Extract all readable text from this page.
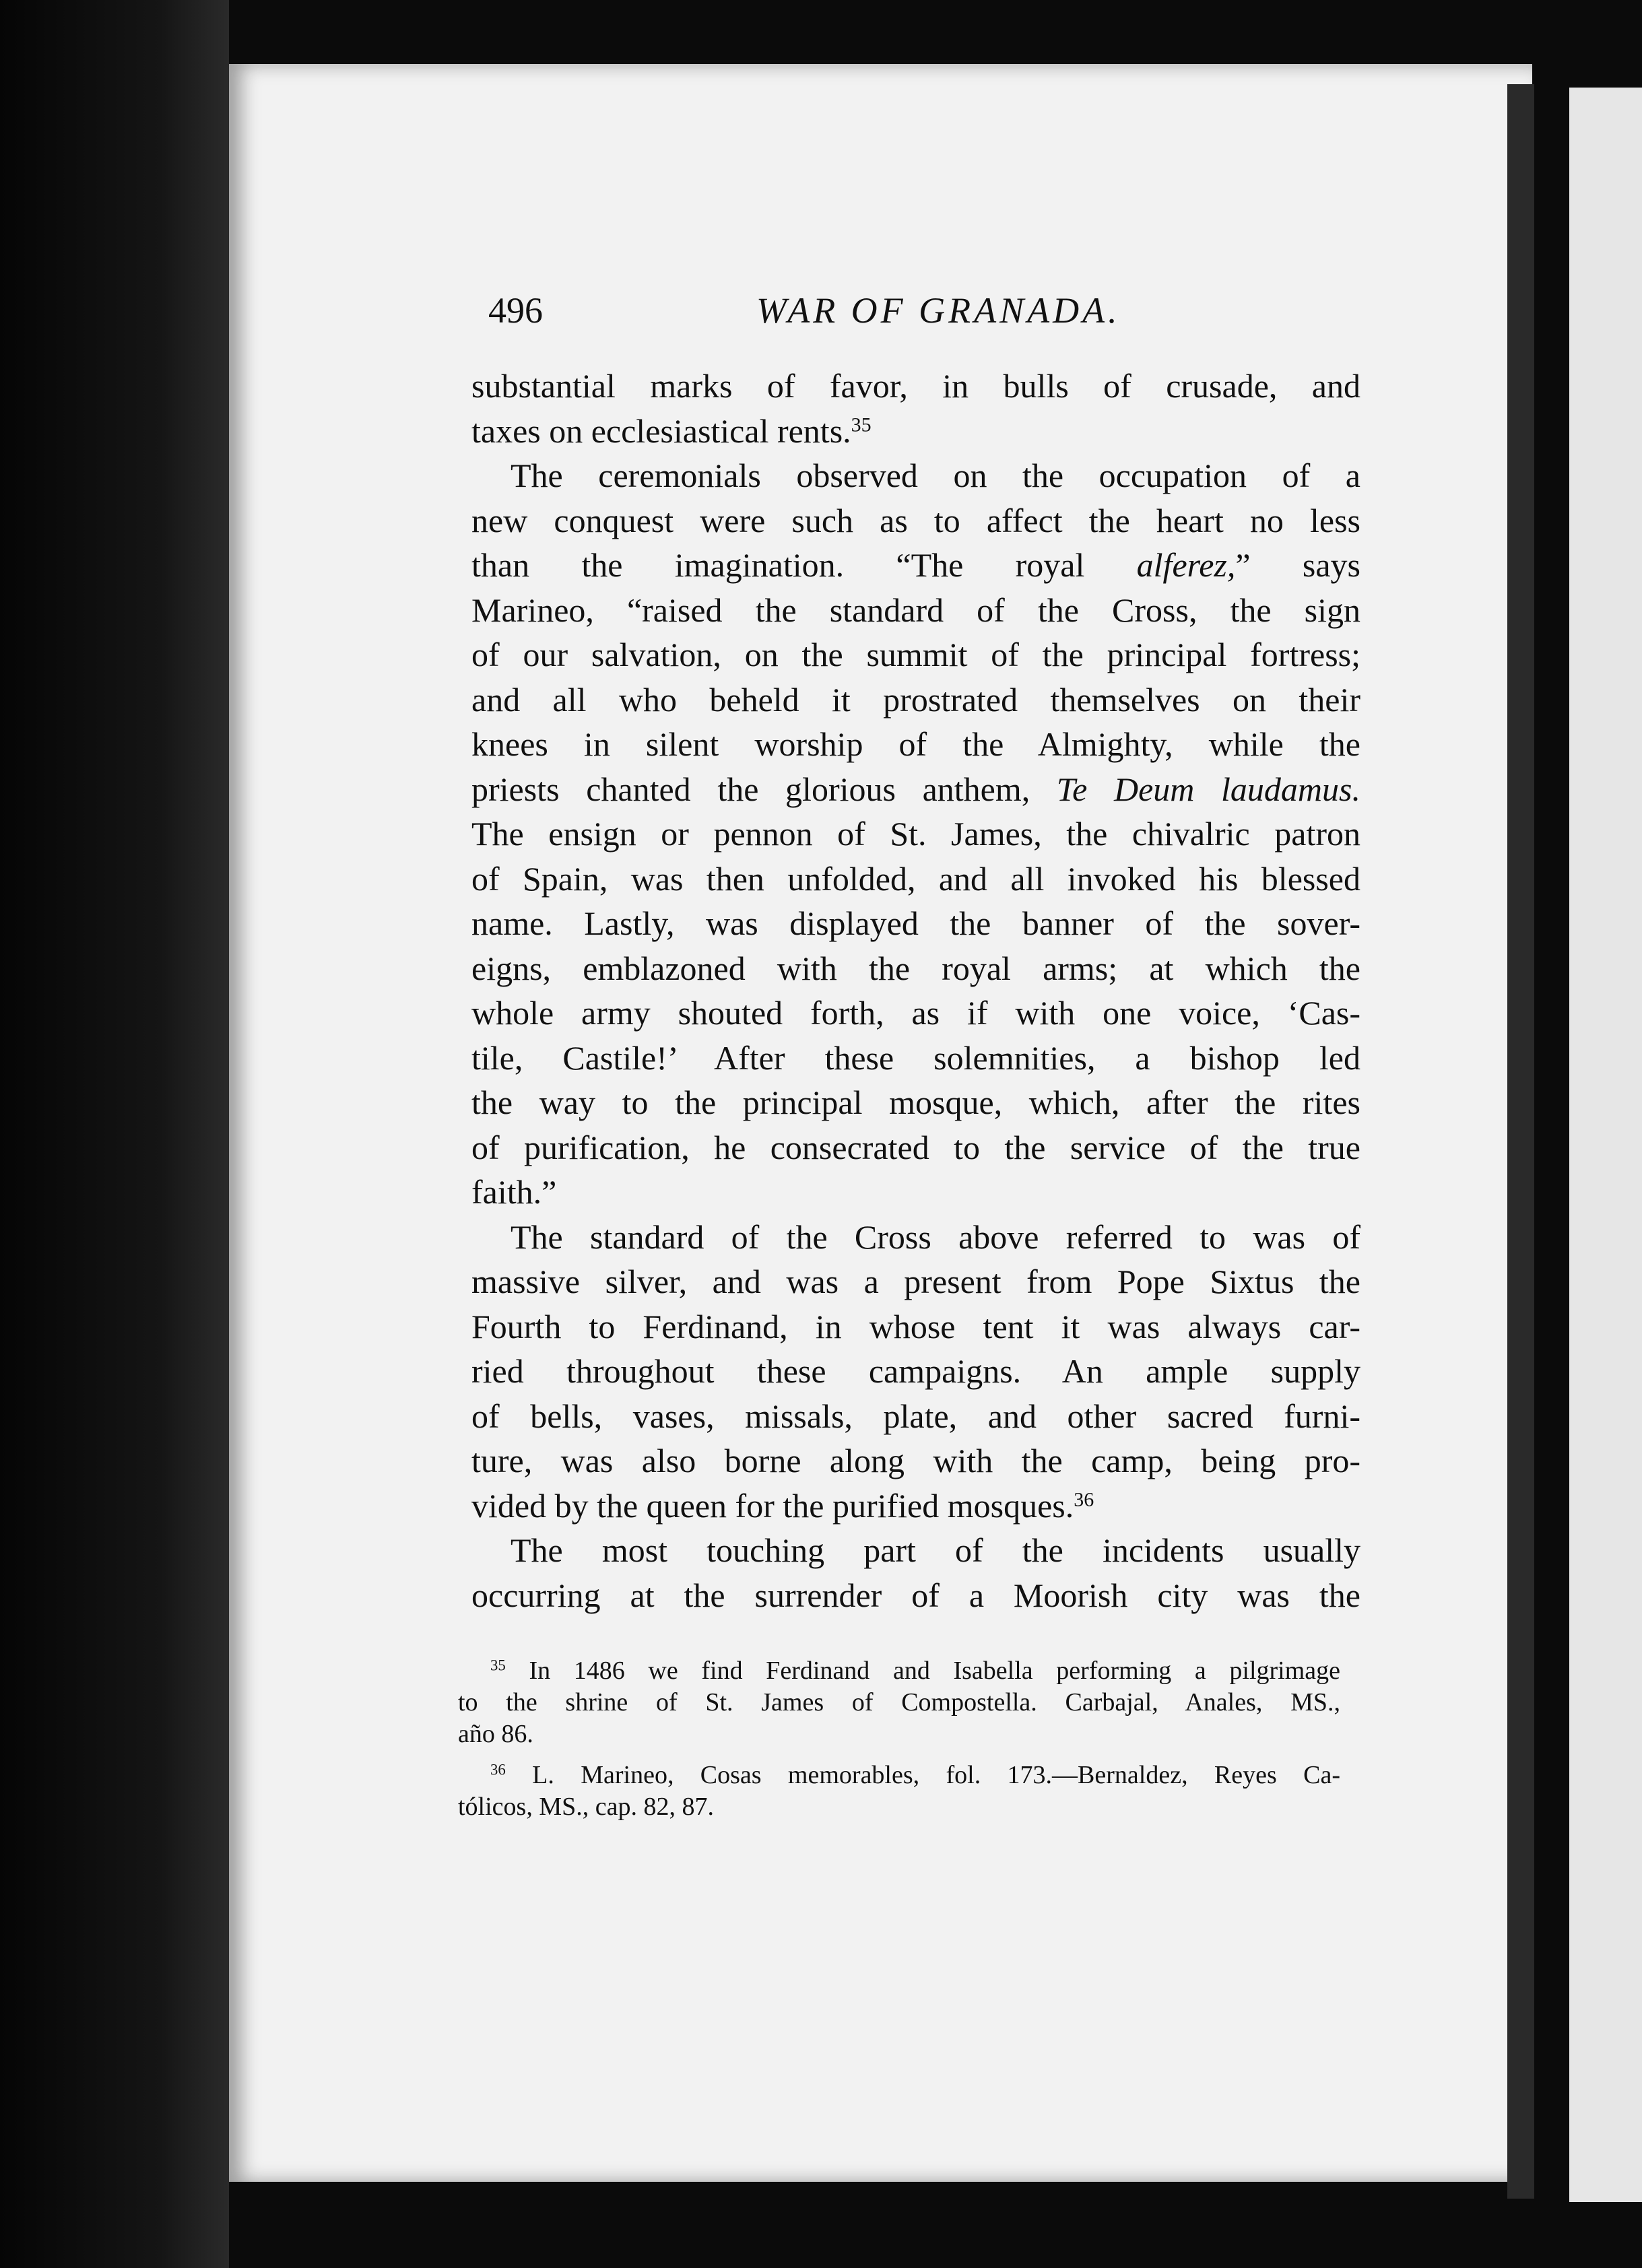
496	WAR OF GRANADA.
substantial marks of favor, in bulls of crusade, and
taxes on ecclesiastical rents.$^{35}$
The ceremonials observed on the occupation of a
new conquest were such as to affect the heart no less
than the imagination. “The royal alferez,” says
Marineo, “raised the standard of the Cross, the sign
of our salvation, on the summit of the principal fortress;
and all who beheld it prostrated themselves on their
knees in silent worship of the Almighty, while the
priests chanted the glorious anthem, Te Deum laudamus.
The ensign or pennon of St. James, the chivalric patron
of Spain, was then unfolded, and all invoked his blessed
name. Lastly, was displayed the banner of the sover-
eigns, emblazoned with the royal arms; at which the
whole army shouted forth, as if with one voice, ‘Cas-
tile, Castile!’ After these solemnities, a bishop led
the way to the principal mosque, which, after the rites
of purification, he consecrated to the service of the true
faith.”
The standard of the Cross above referred to was of
massive silver, and was a present from Pope Sixtus the
Fourth to Ferdinand, in whose tent it was always car-
ried throughout these campaigns. An ample supply
of bells, vases, missals, plate, and other sacred furni-
ture, was also borne along with the camp, being pro-
vided by the queen for the purified mosques.$^{36}$
The most touching part of the incidents usually
occurring at the surrender of a Moorish city was the
$^{35}$ In 1486 we find Ferdinand and Isabella performing a pilgrimage
to the shrine of St. James of Compostella. Carbajal, Anales, MS.,
año 86.
$^{36}$ L. Marineo, Cosas memorables, fol. 173.—Bernaldez, Reyes Ca-
tólicos, MS., cap. 82, 87.
